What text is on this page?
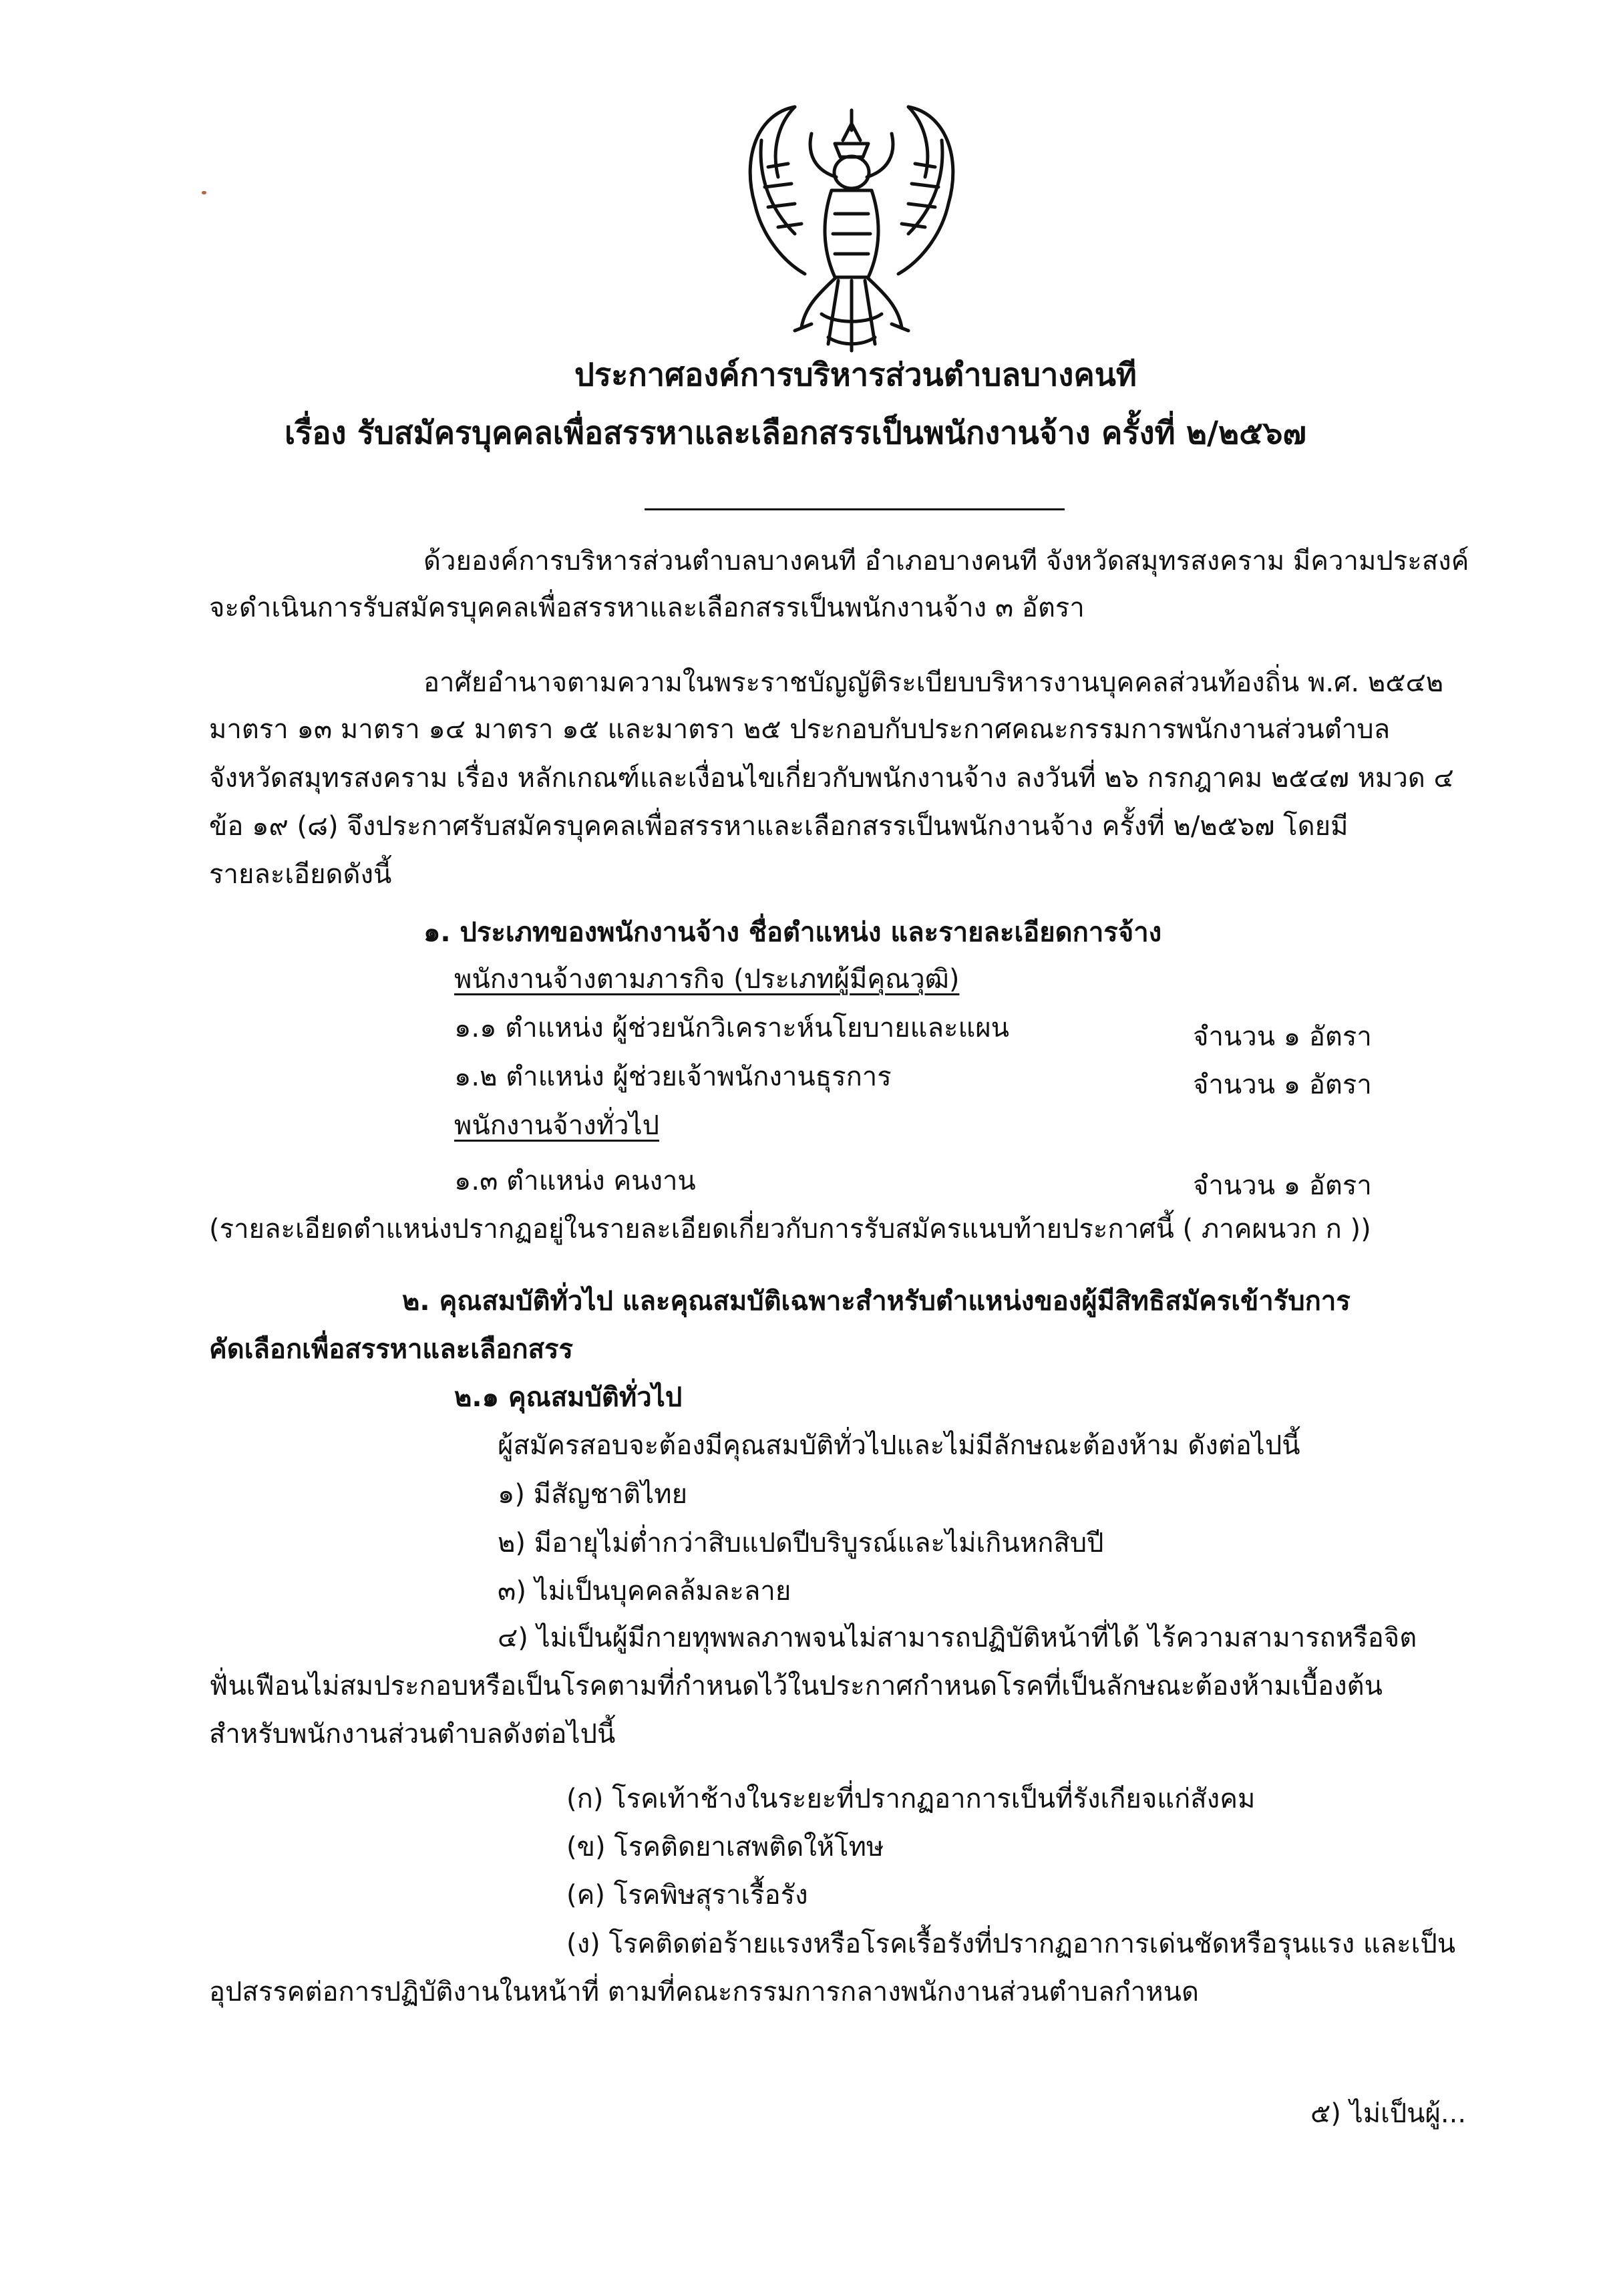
ประกาศองค์การบริหารส่วนตำบลบางคนที
เรื่อง รับสมัครบุคคลเพื่อสรรหาและเลือกสรรเป็นพนักงานจ้าง ครั้งที่ ๒/๒๕๖๗
ด้วยองค์การบริหารส่วนตำบลบางคนที อำเภอบางคนที จังหวัดสมุทรสงคราม มีความประสงค์
จะดำเนินการรับสมัครบุคคลเพื่อสรรหาและเลือกสรรเป็นพนักงานจ้าง ๓ อัตรา
อาศัยอำนาจตามความในพระราชบัญญัติระเบียบบริหารงานบุคคลส่วนท้องถิ่น พ.ศ. ๒๕๔๒
มาตรา ๑๓ มาตรา ๑๔ มาตรา ๑๕ และมาตรา ๒๕ ประกอบกับประกาศคณะกรรมการพนักงานส่วนตำบล
จังหวัดสมุทรสงคราม เรื่อง หลักเกณฑ์และเงื่อนไขเกี่ยวกับพนักงานจ้าง ลงวันที่ ๒๖ กรกฎาคม ๒๕๔๗ หมวด ๔
ข้อ ๑๙ (๘) จึงประกาศรับสมัครบุคคลเพื่อสรรหาและเลือกสรรเป็นพนักงานจ้าง ครั้งที่ ๒/๒๕๖๗ โดยมี
รายละเอียดดังนี้
๑. ประเภทของพนักงานจ้าง ชื่อตำแหน่ง และรายละเอียดการจ้าง
พนักงานจ้างตามภารกิจ (ประเภทผู้มีคุณวุฒิ)
๑.๑ ตำแหน่ง ผู้ช่วยนักวิเคราะห์นโยบายและแผน	จำนวน ๑ อัตรา
๑.๒ ตำแหน่ง ผู้ช่วยเจ้าพนักงานธุรการ	จำนวน ๑ อัตรา
พนักงานจ้างทั่วไป
๑.๓ ตำแหน่ง คนงาน	จำนวน ๑ อัตรา
(รายละเอียดตำแหน่งปรากฏอยู่ในรายละเอียดเกี่ยวกับการรับสมัครแนบท้ายประกาศนี้ ( ภาคผนวก ก ))
๒. คุณสมบัติทั่วไป และคุณสมบัติเฉพาะสำหรับตำแหน่งของผู้มีสิทธิสมัครเข้ารับการ
คัดเลือกเพื่อสรรหาและเลือกสรร
๒.๑ คุณสมบัติทั่วไป
ผู้สมัครสอบจะต้องมีคุณสมบัติทั่วไปและไม่มีลักษณะต้องห้าม ดังต่อไปนี้
๑) มีสัญชาติไทย
๒) มีอายุไม่ต่ำกว่าสิบแปดปีบริบูรณ์และไม่เกินหกสิบปี
๓) ไม่เป็นบุคคลล้มละลาย
๔) ไม่เป็นผู้มีกายทุพพลภาพจนไม่สามารถปฏิบัติหน้าที่ได้ ไร้ความสามารถหรือจิต
ฟั่นเฟือนไม่สมประกอบหรือเป็นโรคตามที่กำหนดไว้ในประกาศกำหนดโรคที่เป็นลักษณะต้องห้ามเบื้องต้น
สำหรับพนักงานส่วนตำบลดังต่อไปนี้
(ก) โรคเท้าช้างในระยะที่ปรากฏอาการเป็นที่รังเกียจแก่สังคม
(ข) โรคติดยาเสพติดให้โทษ
(ค) โรคพิษสุราเรื้อรัง
(ง) โรคติดต่อร้ายแรงหรือโรคเรื้อรังที่ปรากฏอาการเด่นชัดหรือรุนแรง และเป็น
อุปสรรคต่อการปฏิบัติงานในหน้าที่ ตามที่คณะกรรมการกลางพนักงานส่วนตำบลกำหนด
๕) ไม่เป็นผู้...
